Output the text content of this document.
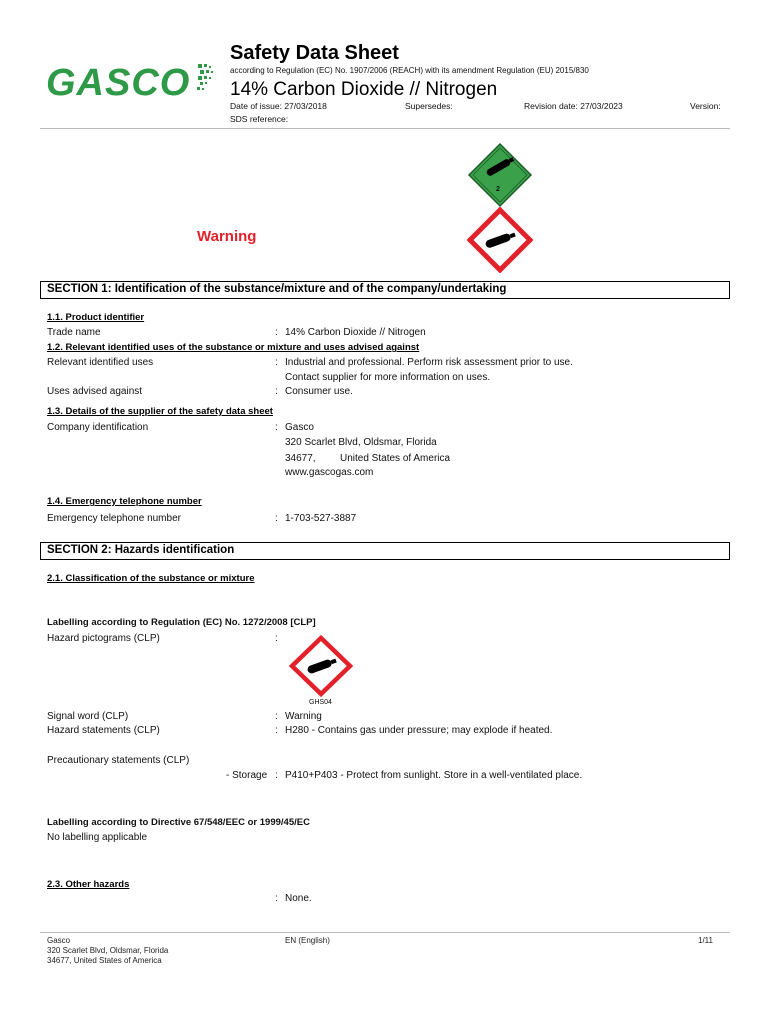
GASCO
Safety Data Sheet
according to Regulation (EC) No. 1907/2006 (REACH) with its amendment Regulation (EU) 2015/830
14% Carbon Dioxide // Nitrogen
Date of issue: 27/03/2018	Supersedes:	Revision date: 27/03/2023	Version:
SDS reference:
2
Warning
SECTION 1: Identification of the substance/mixture and of the company/undertaking
1.1. Product identifier
Trade name	: 14% Carbon Dioxide // Nitrogen
1.2. Relevant identified uses of the substance or mixture and uses advised against
Relevant identified uses	: Industrial and professional. Perform risk assessment prior to use.
Contact supplier for more information on uses.
Uses advised against	: Consumer use.
1.3. Details of the supplier of the safety data sheet
Company identification	: Gasco
320 Scarlet Blvd, Oldsmar, Florida
34677, United States of America
www.gascogas.com
1.4. Emergency telephone number
Emergency telephone number	: 1-703-527-3887
SECTION 2: Hazards identification
2.1. Classification of the substance or mixture
Labelling according to Regulation (EC) No. 1272/2008 [CLP]
Hazard pictograms (CLP)	:
GHS04
Signal word (CLP)	: Warning
Hazard statements (CLP)	: H280 - Contains gas under pressure; may explode if heated.
Precautionary statements (CLP)
- Storage : P410+P403 - Protect from sunlight. Store in a well-ventilated place.
Labelling according to Directive 67/548/EEC or 1999/45/EC
No labelling applicable
2.3. Other hazards
: None.
Gasco
320 Scarlet Blvd, Oldsmar, Florida
34677, United States of America
EN (English)	1/11
